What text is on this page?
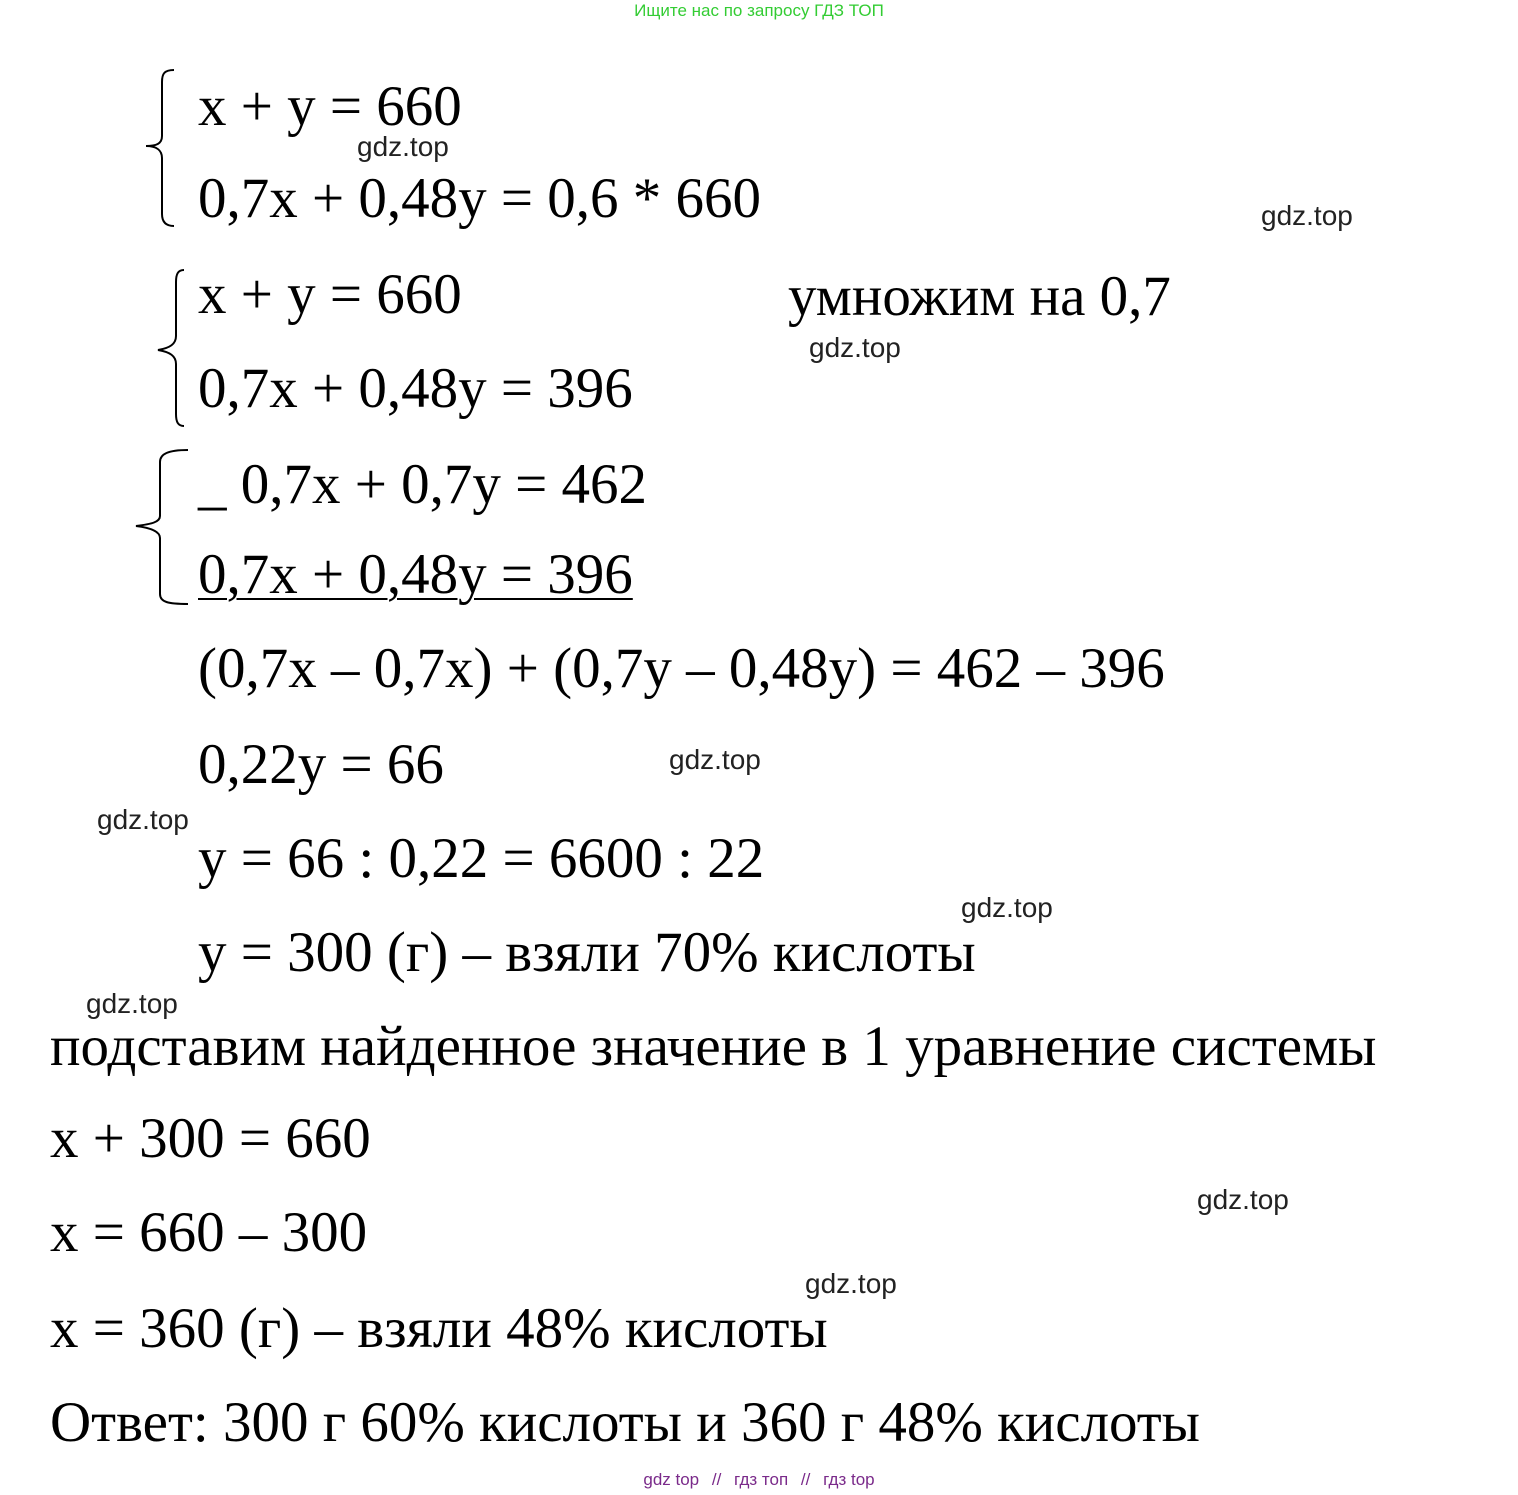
Ищите нас по запросу ГДЗ ТОП
x + y = 660
0,7x + 0,48y = 0,6 * 660
x + y = 660
0,7x + 0,48y = 396
умножим на 0,7
_ 0,7x + 0,7y = 462
0,7x + 0,48y = 396
(0,7x – 0,7x) + (0,7y – 0,48y) = 462 – 396
0,22y = 66
y = 66 : 0,22 = 6600 : 22
y = 300 (г) – взяли 70% кислоты
подставим найденное значение в 1 уравнение системы
x + 300 = 660
x = 660 – 300
x = 360 (г) – взяли 48% кислоты
Ответ: 300 г 60% кислоты и 360 г 48% кислоты
gdz.top
gdz.top
gdz.top
gdz.top
gdz.top
gdz.top
gdz.top
gdz.top
gdz.top
gdz top // гдз топ // гдз top
